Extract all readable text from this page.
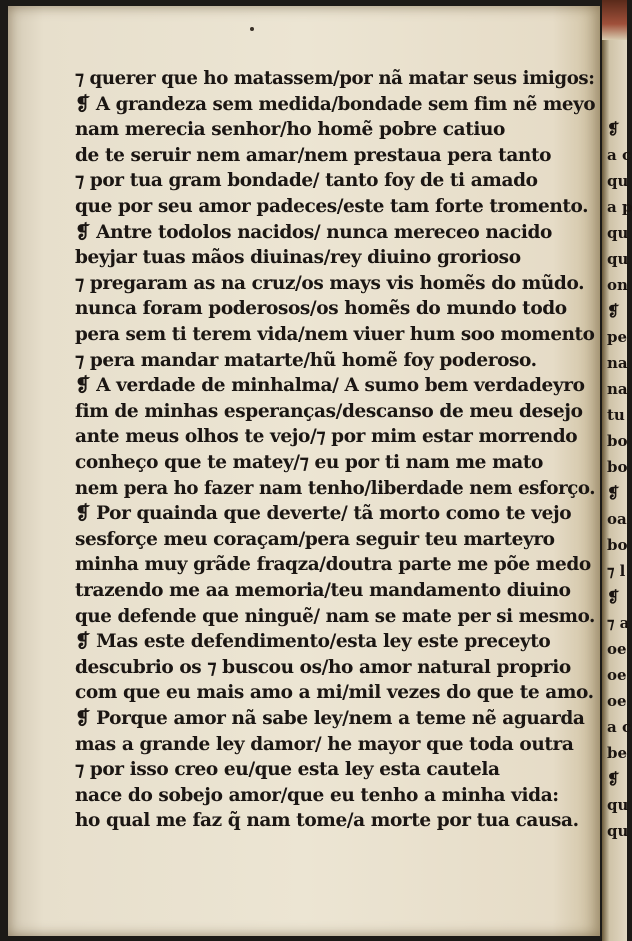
⁊ querer que ho matassem/por nã matar seus imigos:
❡ A grandeza sem medida/bondade sem fim nẽ meyo
nam merecia senhor/ho homẽ pobre catiuo
de te seruir nem amar/nem prestaua pera tanto
⁊ por tua gram bondade/ tanto foy de ti amado
que por seu amor padeces/este tam forte tromento.
❡ Antre todolos nacidos/ nunca mereceo nacido
beyjar tuas mãos diuinas/rey diuino grorioso
⁊ pregaram as na cruz/os mays vis homẽs do mũdo.
nunca foram poderosos/os homẽs do mundo todo
pera sem ti terem vida/nem viuer hum soo momento
⁊ pera mandar matarte/hũ homẽ foy poderoso.
❡ A verdade de minhalma/ A sumo bem verdadeyro
fim de minhas esperanças/descanso de meu desejo
ante meus olhos te vejo/⁊ por mim estar morrendo
conheço que te matey/⁊ eu por ti nam me mato
nem pera ho fazer nam tenho/liberdade nem esforço.
❡ Por quainda que deverte/ tã morto como te vejo
sesforçe meu coraçam/pera seguir teu marteyro
minha muy grãde fraqza/doutra parte me põe medo
trazendo me aa memoria/teu mandamento diuino
que defende que ninguẽ/ nam se mate per si mesmo.
❡ Mas este defendimento/esta ley este preceyto
descubrio os ⁊ buscou os/ho amor natural proprio
com que eu mais amo a mi/mil vezes do que te amo.
❡ Porque amor nã sabe ley/nem a teme nẽ aguarda
mas a grande ley damor/ he mayor que toda outra
⁊ por isso creo eu/que esta ley esta cautela
nace do sobejo amor/que eu tenho a minha vida:
ho qual me faz q̃ nam tome/a morte por tua causa.
❡
a c
qu
a p
qu
qu
on
❡
pe
na
na
tu
bo
bo
❡
oa
bo
⁊ l
❡
⁊ a
oe
oe
oe
a c
be
❡
qu
qu
